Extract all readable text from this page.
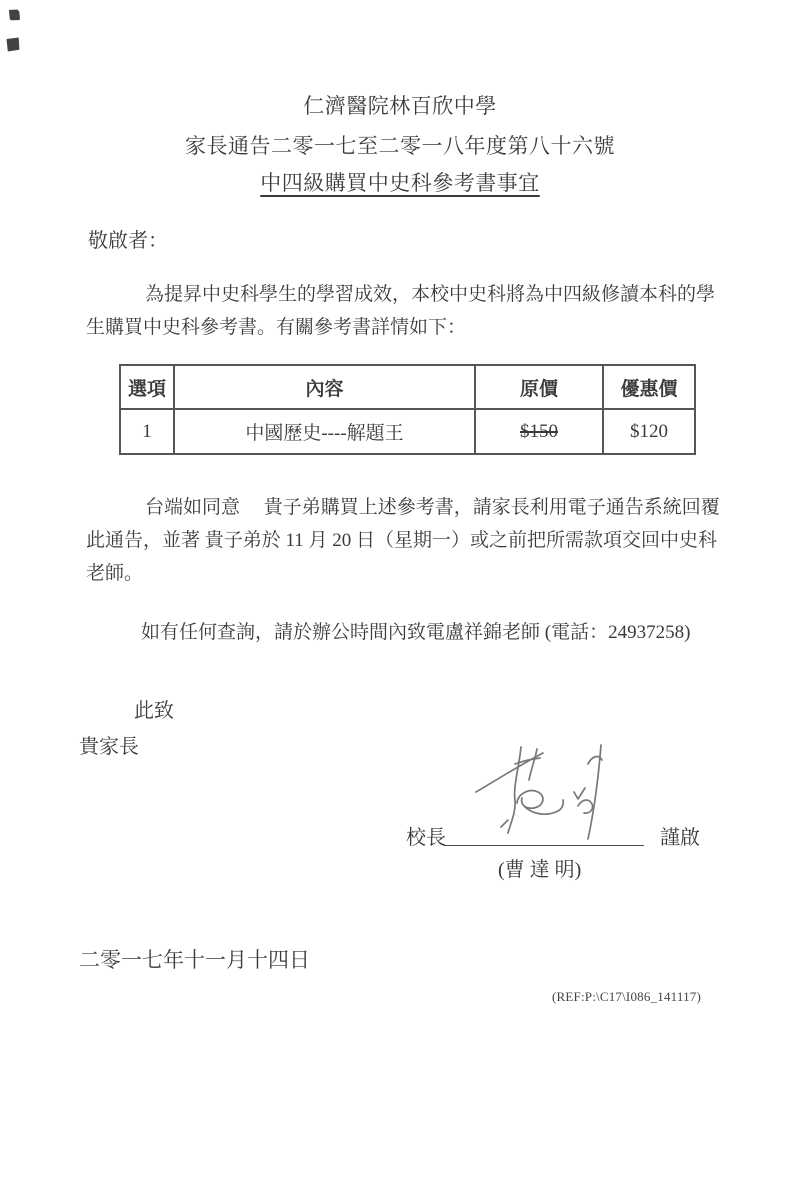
仁濟醫院林百欣中學
家長通告二零一七至二零一八年度第八十六號
中四級購買中史科參考書事宜
敬啟者：
為提昇中史科學生的學習成效，本校中史科將為中四級修讀本科的學
生購買中史科參考書。有關參考書詳情如下：
選項	內容	原價	優惠價
1	中國歷史----解題王	$150	$120
台端如同意　 貴子弟購買上述參考書，請家長利用電子通告系統回覆
此通告，並著 貴子弟於 11 月 20 日（星期一）或之前把所需款項交回中史科
老師。
如有任何查詢，請於辦公時間內致電盧祥錦老師 (電話：24937258)
此致
貴家長
校長	謹啟
(曹 達 明)
二零一七年十一月十四日
(REF:P:\C17\I086_141117)
